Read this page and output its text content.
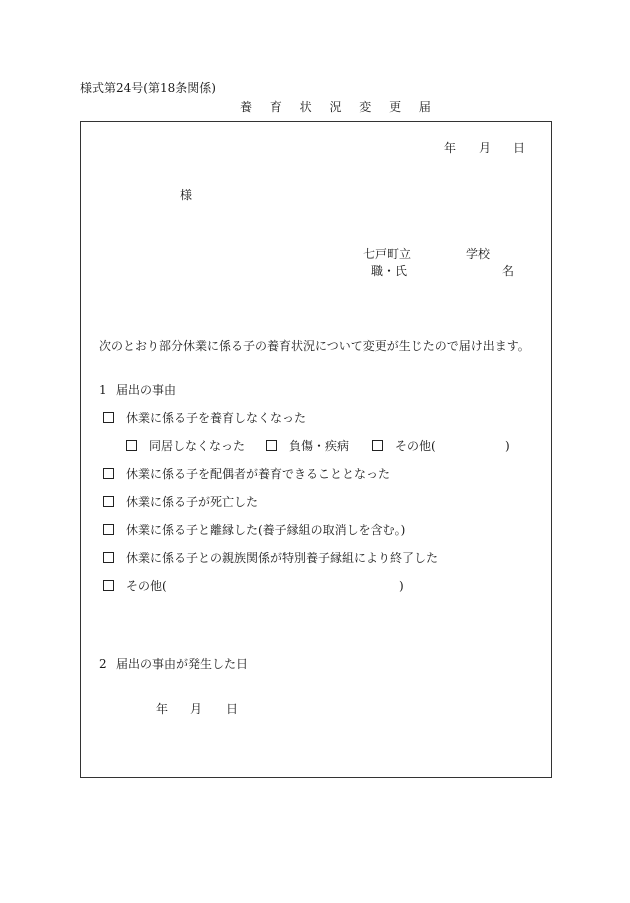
様式第24号(第18条関係)
養 育 状 況 変 更 届
年 月 日
様
七戸町立	学校
職・氏	名
次のとおり部分休業に係る子の養育状況について変更が生じたので届け出ます。
1 届出の事由
休業に係る子を養育しなくなった
同居しなくなった	負傷・疾病	その他(	)
休業に係る子を配偶者が養育できることとなった
休業に係る子が死亡した
休業に係る子と離縁した(養子縁組の取消しを含む。)
休業に係る子との親族関係が特別養子縁組により終了した
その他(	)
2 届出の事由が発生した日
年 月 日
